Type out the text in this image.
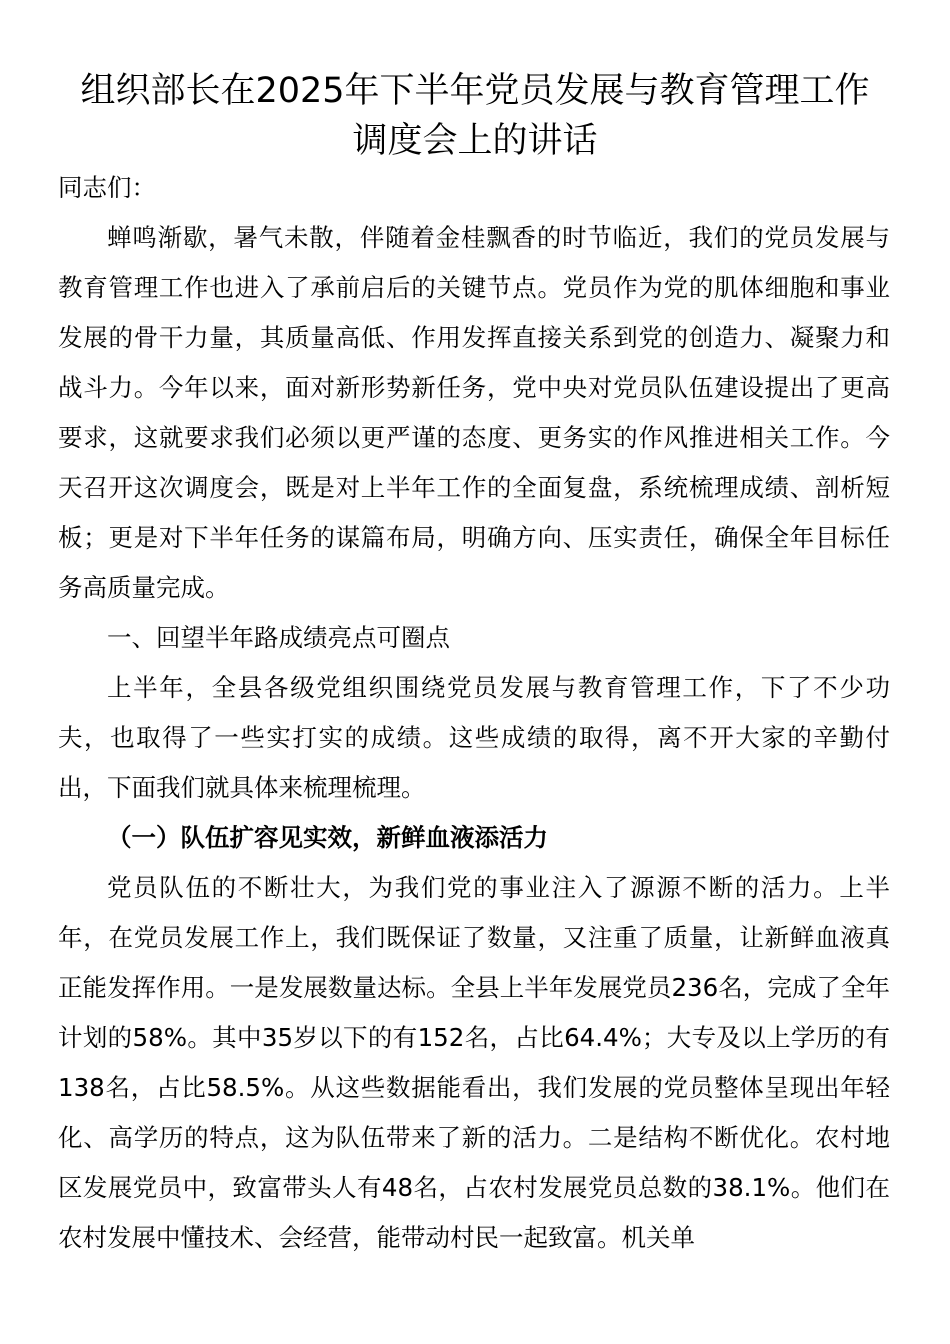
组织部长在2025年下半年党员发展与教育管理工作
调度会上的讲话

同志们：

蝉鸣渐歇，暑气未散，伴随着金桂飘香的时节临近，我们的党员发展与教育管理工作也进入了承前启后的关键节点。党员作为党的肌体细胞和事业发展的骨干力量，其质量高低、作用发挥直接关系到党的创造力、凝聚力和战斗力。今年以来，面对新形势新任务，党中央对党员队伍建设提出了更高要求，这就要求我们必须以更严谨的态度、更务实的作风推进相关工作。今天召开这次调度会，既是对上半年工作的全面复盘，系统梳理成绩、剖析短板；更是对下半年任务的谋篇布局，明确方向、压实责任，确保全年目标任务高质量完成。

一、回望半年路成绩亮点可圈点

上半年，全县各级党组织围绕党员发展与教育管理工作，下了不少功夫，也取得了一些实打实的成绩。这些成绩的取得，离不开大家的辛勤付出，下面我们就具体来梳理梳理。

（一）队伍扩容见实效，新鲜血液添活力

党员队伍的不断壮大，为我们党的事业注入了源源不断的活力。上半年，在党员发展工作上，我们既保证了数量，又注重了质量，让新鲜血液真正能发挥作用。一是发展数量达标。全县上半年发展党员236名，完成了全年计划的58%。其中35岁以下的有152名，占比64.4%；大专及以上学历的有138名，占比58.5%。从这些数据能看出，我们发展的党员整体呈现出年轻化、高学历的特点，这为队伍带来了新的活力。二是结构不断优化。农村地区发展党员中，致富带头人有48名，占农村发展党员总数的38.1%。他们在农村发展中懂技术、会经营，能带动村民一起致富。机关单
